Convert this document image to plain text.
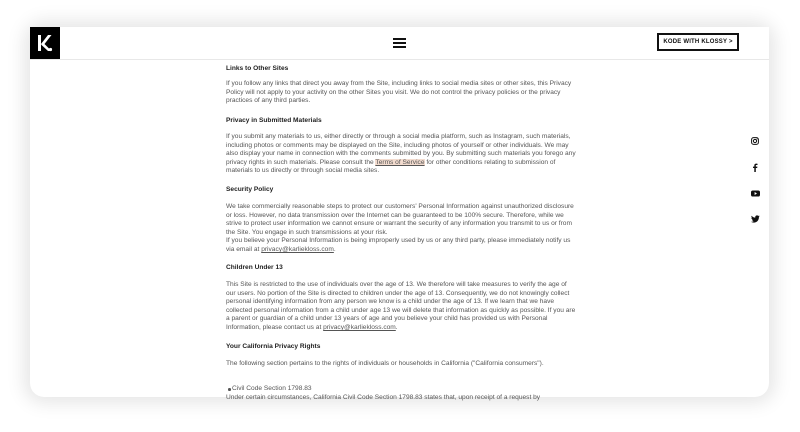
KODE WITH KLOSSY >
Links to Other Sites

If you follow any links that direct you away from the Site, including links to social media sites or other sites, this Privacy Policy will not apply to your activity on the other Sites you visit. We do not control the privacy policies or the privacy practices of any third parties.

Privacy in Submitted Materials

If you submit any materials to us, either directly or through a social media platform, such as Instagram, such materials, including photos or comments may be displayed on the Site, including photos of yourself or other individuals. We may also display your name in connection with the comments submitted by you. By submitting such materials you forego any privacy rights in such materials. Please consult the Terms of Service for other conditions relating to submission of materials to us directly or through social media sites.

Security Policy

We take commercially reasonable steps to protect our customers' Personal Information against unauthorized disclosure or loss. However, no data transmission over the Internet can be guaranteed to be 100% secure. Therefore, while we strive to protect user information we cannot ensure or warrant the security of any information you transmit to us or from the Site. You engage in such transmissions at your risk.

If you believe your Personal Information is being improperly used by us or any third party, please immediately notify us via email at privacy@karliekloss.com.

Children Under 13

This Site is restricted to the use of individuals over the age of 13. We therefore will take measures to verify the age of our users. No portion of the Site is directed to children under the age of 13. Consequently, we do not knowingly collect personal identifying information from any person we know is a child under the age of 13. If we learn that we have collected personal information from a child under age 13 we will delete that information as quickly as possible. If you are a parent or guardian of a child under 13 years of age and you believe your child has provided us with Personal Information, please contact us at privacy@karliekloss.com.

Your California Privacy Rights

The following section pertains to the rights of individuals or households in California ("California consumers").

Civil Code Section 1798.83
Under certain circumstances, California Civil Code Section 1798.83 states that, upon receipt of a request by
